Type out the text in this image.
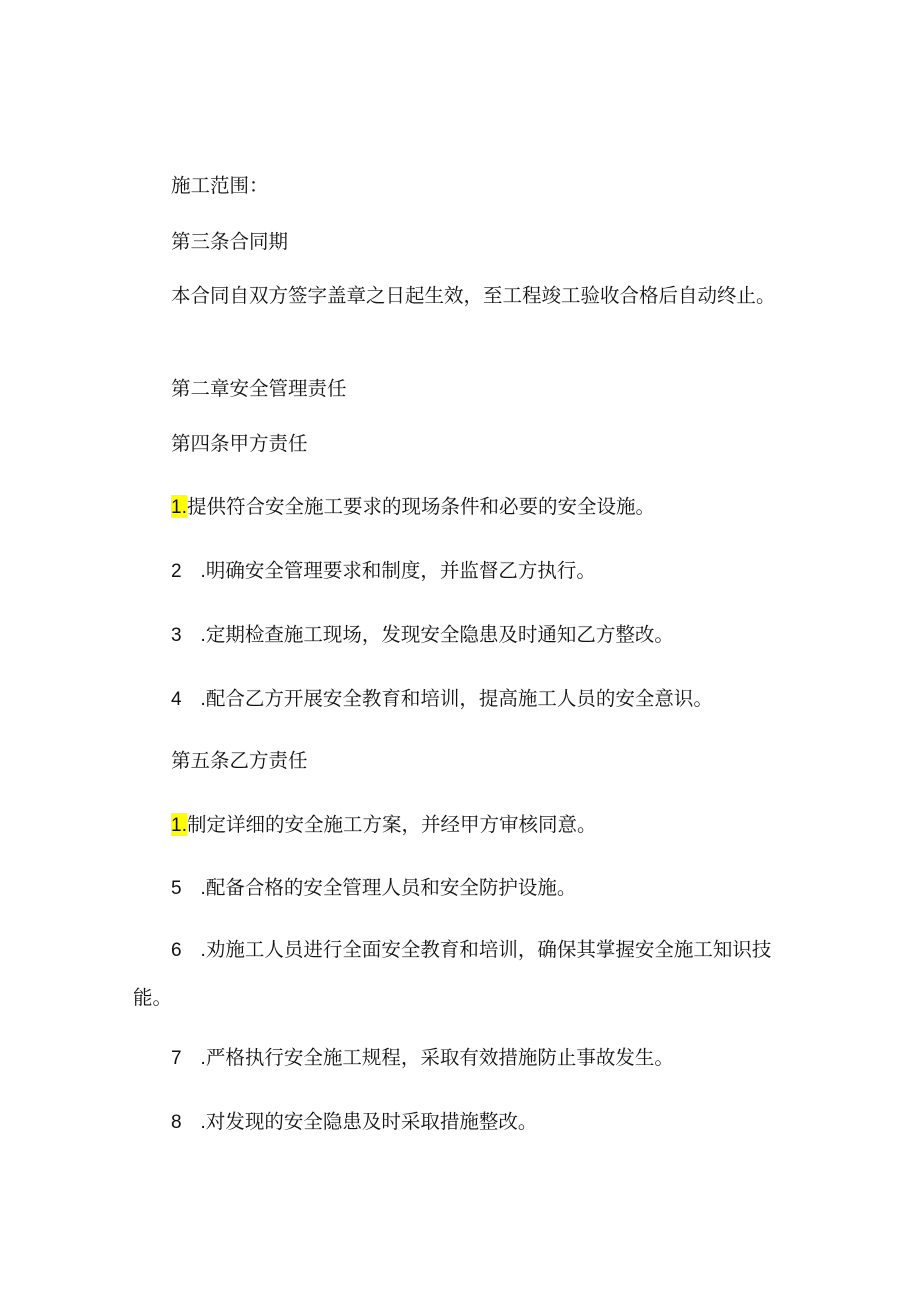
施工范围：

第三条合同期

本合同自双方签字盖章之日起生效，至工程竣工验收合格后自动终止。

第二章安全管理责任

第四条甲方责任

1.提供符合安全施工要求的现场条件和必要的安全设施。

2 .明确安全管理要求和制度，并监督乙方执行。

3 .定期检查施工现场，发现安全隐患及时通知乙方整改。

4 .配合乙方开展安全教育和培训，提高施工人员的安全意识。

第五条乙方责任

1.制定详细的安全施工方案，并经甲方审核同意。

5 .配备合格的安全管理人员和安全防护设施。

6 .劝施工人员进行全面安全教育和培训，确保其掌握安全施工知识技能。

7 .严格执行安全施工规程，采取有效措施防止事故发生。

8 .对发现的安全隐患及时采取措施整改。
